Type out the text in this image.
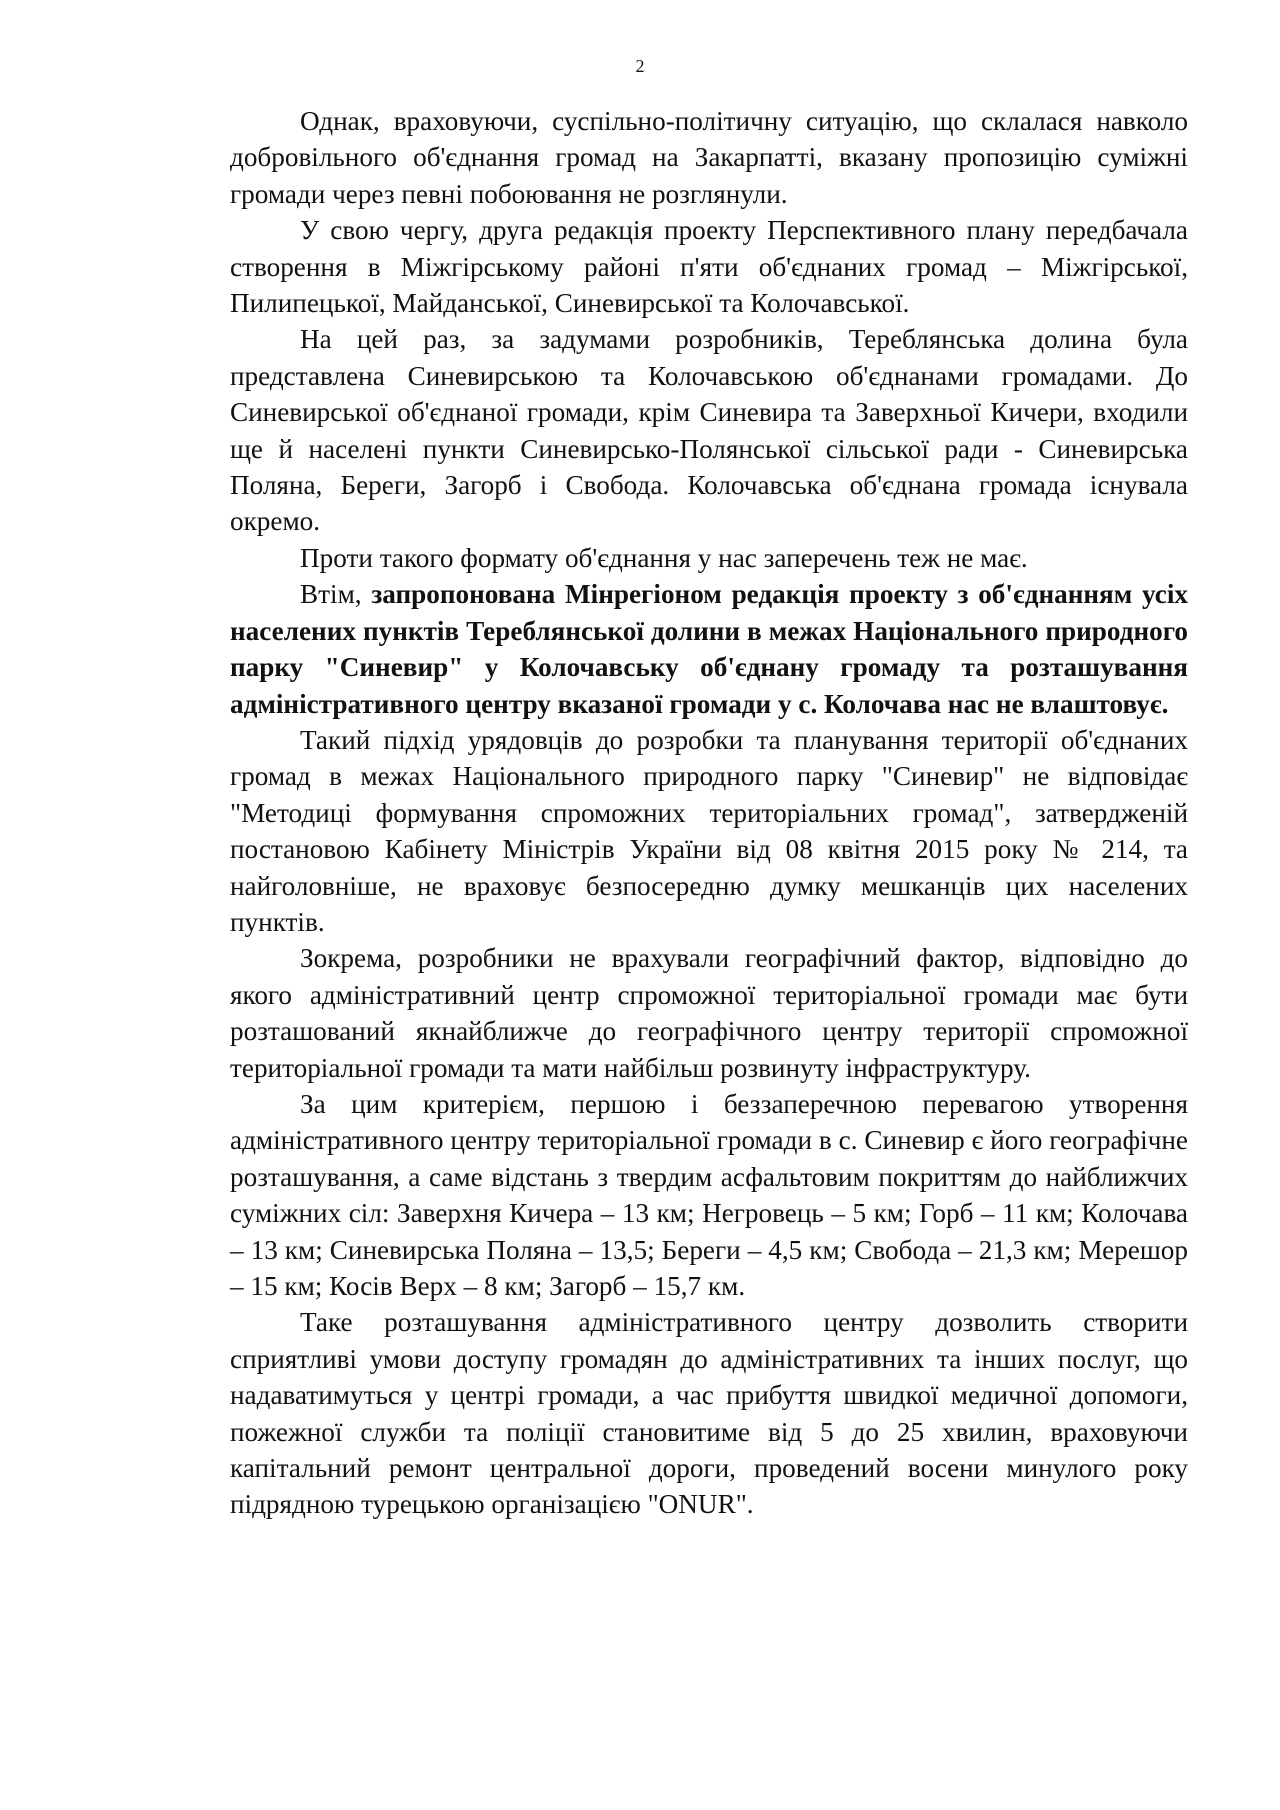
2

Однак, враховуючи, суспільно-політичну ситуацію, що склалася навколо добровільного об'єднання громад на Закарпатті, вказану пропозицію суміжні громади через певні побоювання не розглянули.

У свою чергу, друга редакція проекту Перспективного плану передбачала створення в Міжгірському районі п'яти об'єднаних громад – Міжгірської, Пилипецької, Майданської, Синевирської та Колочавської.

На цей раз, за задумами розробників, Тереблянська долина була представлена Синевирською та Колочавською об'єднанами громадами. До Синевирської об'єднаної громади, крім Синевира та Заверхньої Кичери, входили ще й населені пункти Синевирсько-Полянської сільської ради - Синевирська Поляна, Береги, Загорб і Свобода. Колочавська об'єднана громада існувала окремо.

Проти такого формату об'єднання у нас заперечень теж не має.

Втім, запропонована Мінрегіоном редакція проекту з об'єднанням усіх населених пунктів Тереблянської долини в межах Національного природного парку "Синевир" у Колочавську об'єднану громаду та розташування адміністративного центру вказаної громади у с. Колочава нас не влаштовує.

Такий підхід урядовців до розробки та планування території об'єднаних громад в межах Національного природного парку "Синевир" не відповідає "Методиці формування спроможних територіальних громад", затвердженій постановою Кабінету Міністрів України від 08 квітня 2015 року № 214, та найголовніше, не враховує безпосередню думку мешканців цих населених пунктів.

Зокрема, розробники не врахували географічний фактор, відповідно до якого адміністративний центр спроможної територіальної громади має бути розташований якнайближче до географічного центру території спроможної територіальної громади та мати найбільш розвинуту інфраструктуру.

За цим критерієм, першою і беззаперечною перевагою утворення адміністративного центру територіальної громади в с. Синевир є його географічне розташування, а саме відстань з твердим асфальтовим покриттям до найближчих суміжних сіл: Заверхня Кичера – 13 км; Негровець – 5 км; Горб – 11 км; Колочава – 13 км; Синевирська Поляна – 13,5; Береги – 4,5 км; Свобода – 21,3 км; Мерешор – 15 км; Косів Верх – 8 км; Загорб – 15,7 км.

Таке розташування адміністративного центру дозволить створити сприятливі умови доступу громадян до адміністративних та інших послуг, що надаватимуться у центрі громади, а час прибуття швидкої медичної допомоги, пожежної служби та поліції становитиме від 5 до 25 хвилин, враховуючи капітальний ремонт центральної дороги, проведений восени минулого року підрядною турецькою організацією "ONUR".
